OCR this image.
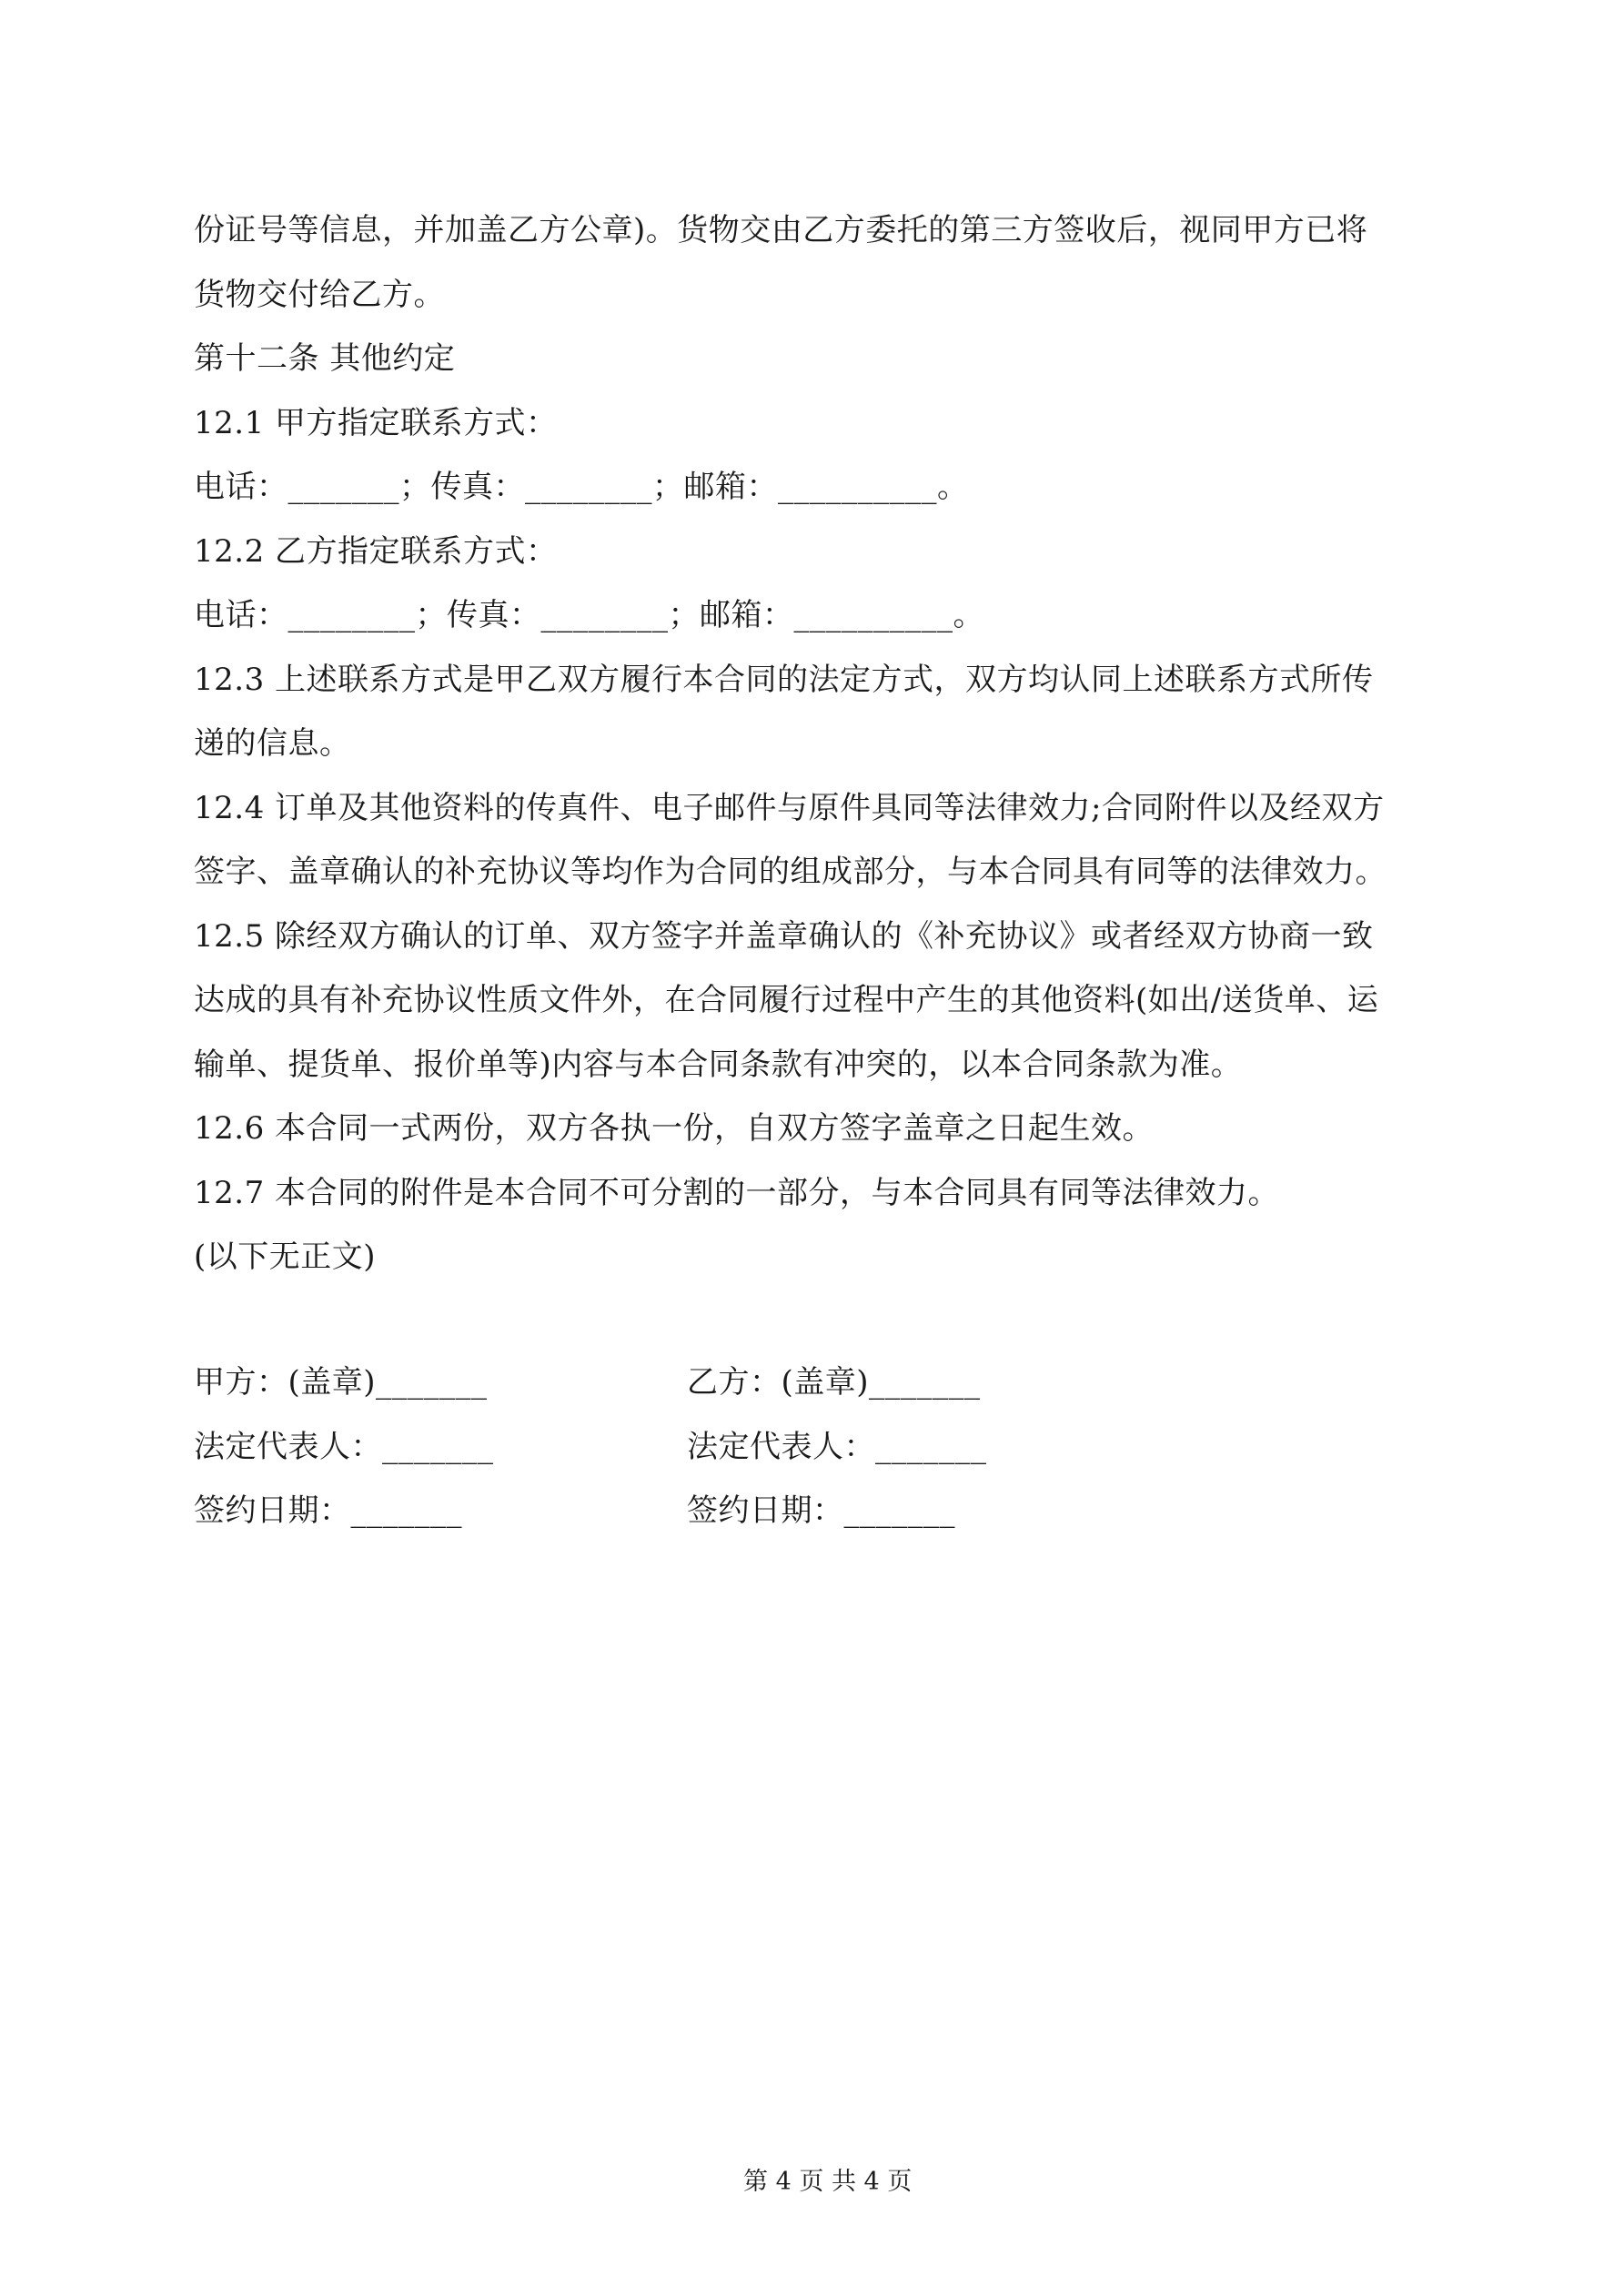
份证号等信息，并加盖乙方公章)。货物交由乙方委托的第三方签收后，视同甲方已将
货物交付给乙方。
第十二条 其他约定
12.1 甲方指定联系方式：
电话：_______；传真：________；邮箱：__________。
12.2 乙方指定联系方式：
电话：________；传真：________；邮箱：__________。
12.3 上述联系方式是甲乙双方履行本合同的法定方式，双方均认同上述联系方式所传
递的信息。
12.4 订单及其他资料的传真件、电子邮件与原件具同等法律效力;合同附件以及经双方
签字、盖章确认的补充协议等均作为合同的组成部分，与本合同具有同等的法律效力。
12.5 除经双方确认的订单、双方签字并盖章确认的《补充协议》或者经双方协商一致
达成的具有补充协议性质文件外，在合同履行过程中产生的其他资料(如出/送货单、运
输单、提货单、报价单等)内容与本合同条款有冲突的，以本合同条款为准。
12.6 本合同一式两份，双方各执一份，自双方签字盖章之日起生效。
12.7 本合同的附件是本合同不可分割的一部分，与本合同具有同等法律效力。
(以下无正文)
甲方：(盖章)_______	乙方：(盖章)_______
法定代表人：_______	法定代表人：_______
签约日期：_______	签约日期：_______

第 4 页 共 4 页
